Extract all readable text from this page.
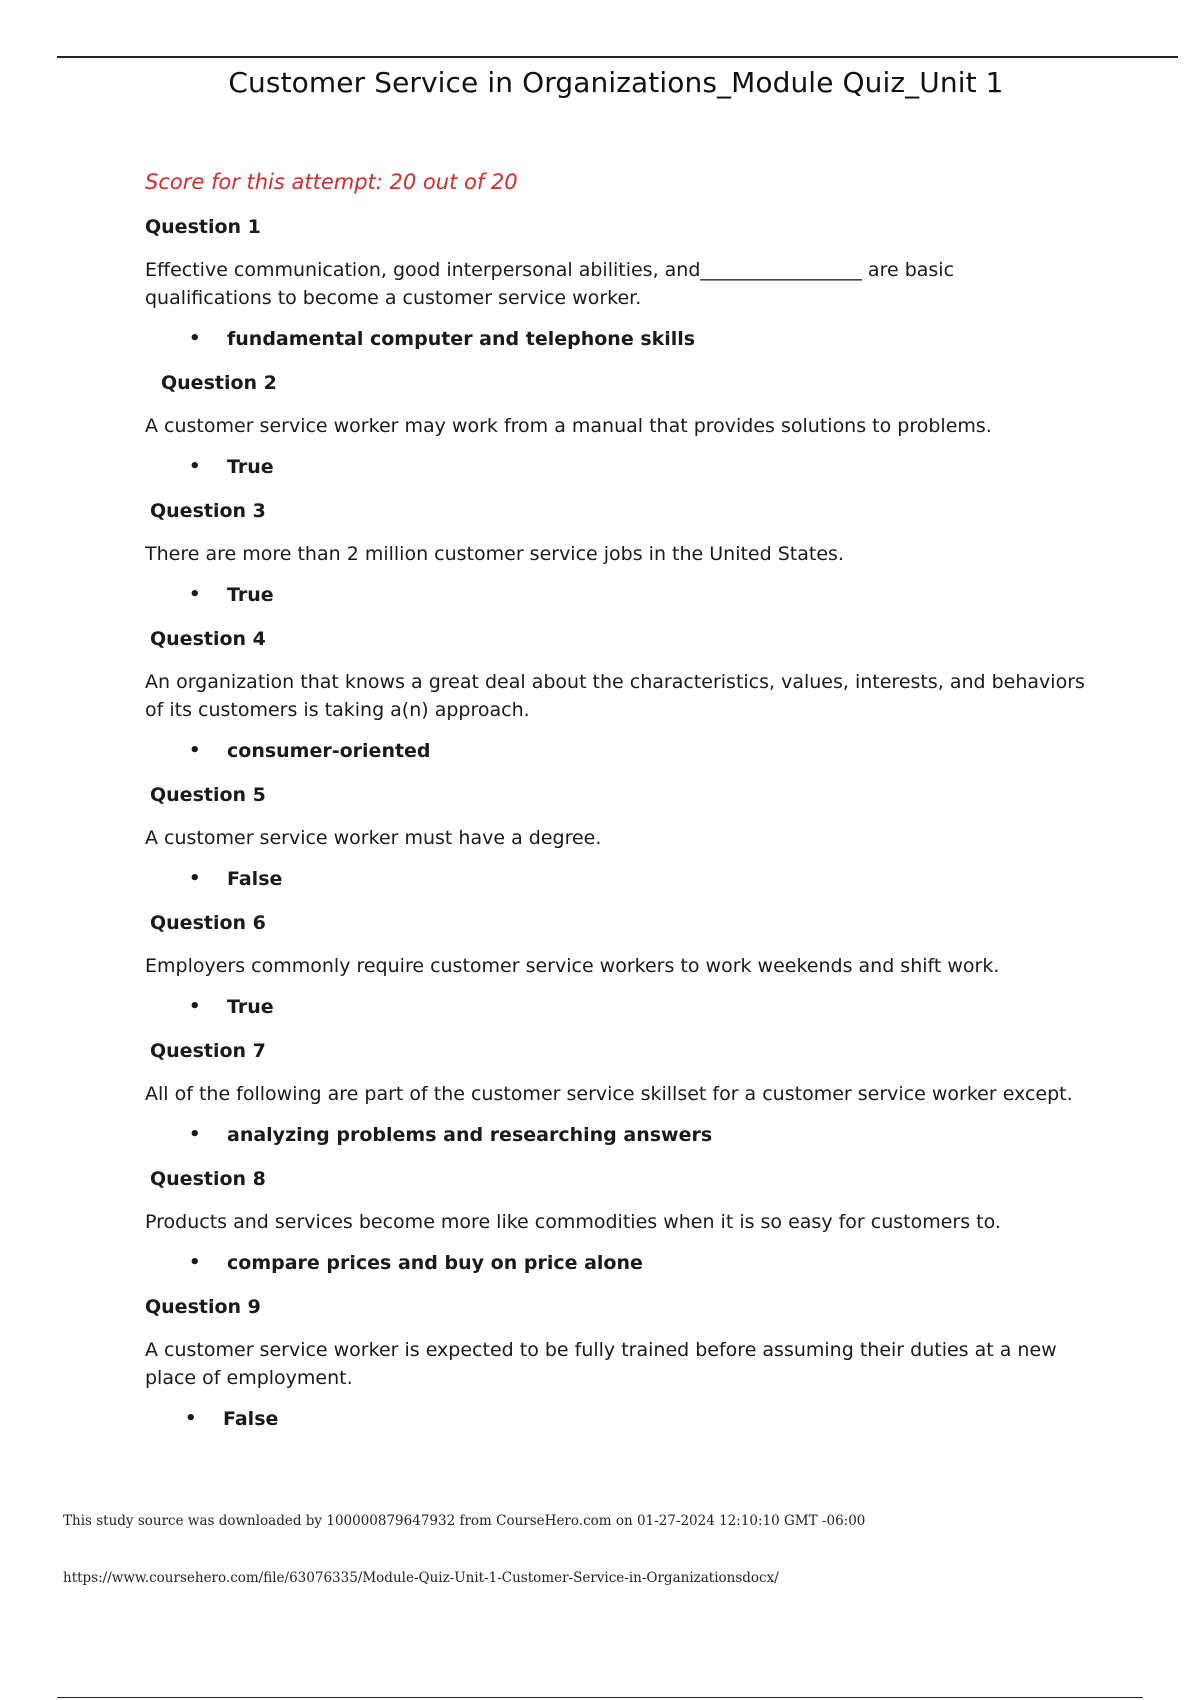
Customer Service in Organizations_Module Quiz_Unit 1
Score for this attempt: 20 out of 20
Question 1
Effective communication, good interpersonal abilities, and_________________ are basic qualifications to become a customer service worker.
•	fundamental computer and telephone skills
Question 2
A customer service worker may work from a manual that provides solutions to problems.
•	True
Question 3
There are more than 2 million customer service jobs in the United States.
•	True
Question 4
An organization that knows a great deal about the characteristics, values, interests, and behaviors of its customers is taking a(n) approach.
•	consumer-oriented
Question 5
A customer service worker must have a degree.
•	False
Question 6
Employers commonly require customer service workers to work weekends and shift work.
•	True
Question 7
All of the following are part of the customer service skillset for a customer service worker except.
•	analyzing problems and researching answers
Question 8
Products and services become more like commodities when it is so easy for customers to.
•	compare prices and buy on price alone
Question 9
A customer service worker is expected to be fully trained before assuming their duties at a new place of employment.
•	False
This study source was downloaded by 100000879647932 from CourseHero.com on 01-27-2024 12:10:10 GMT -06:00
https://www.coursehero.com/file/63076335/Module-Quiz-Unit-1-Customer-Service-in-Organizationsdocx/
